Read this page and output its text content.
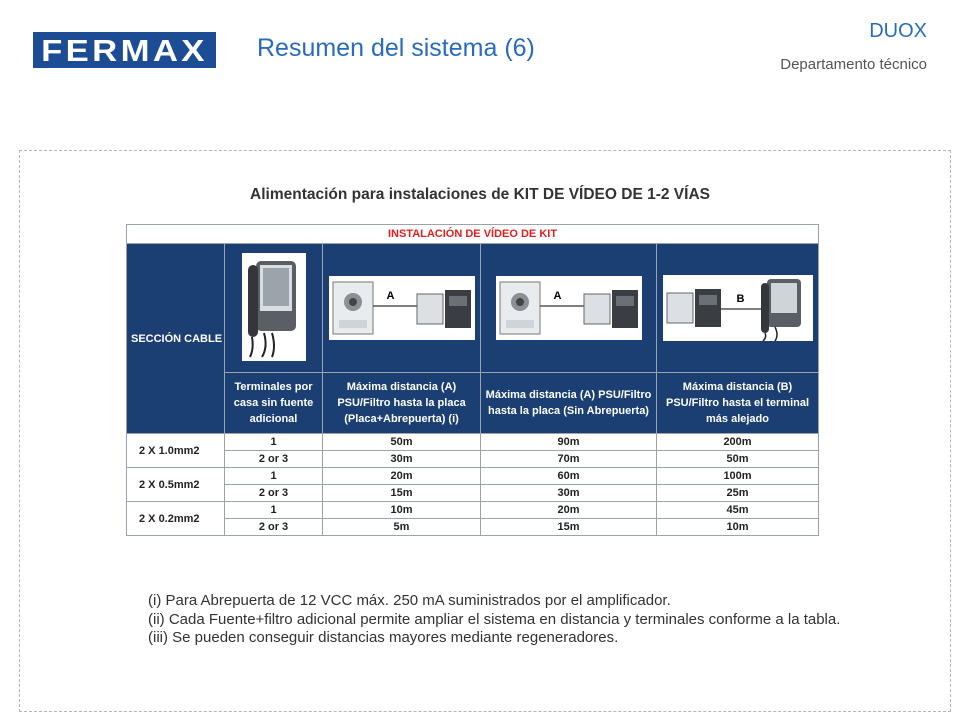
FERMAX Resumen del sistema (6)
DUOX
Departamento técnico
Alimentación para instalaciones de KIT DE VÍDEO DE 1-2 VÍAS
INSTALACIÓN DE VÍDEO DE KIT				
SECCIÓN CABLE		A	A	B

	Terminales por casa sin fuente adicional	Máxima distancia (A) PSU/Filtro hasta la placa (Placa+Abrepuerta) (i)	Máxima distancia (A) PSU/Filtro hasta la placa (Sin Abrepuerta)	Máxima distancia (B) PSU/Filtro hasta el terminal más alejado
2 X 1.0mm2	1	50m	90m	200m
	2 or 3	30m	70m	50m
2 X 0.5mm2	1	20m	60m	100m
	2 or 3	15m	30m	25m
2 X 0.2mm2	1	10m	20m	45m
	2 or 3	5m	15m	10m
(i) Para Abrepuerta de 12 VCC máx. 250 mA suministrados por el amplificador.
(ii) Cada Fuente+filtro adicional permite ampliar el sistema en distancia y terminales conforme a la tabla.
(iii) Se pueden conseguir distancias mayores mediante regeneradores.
